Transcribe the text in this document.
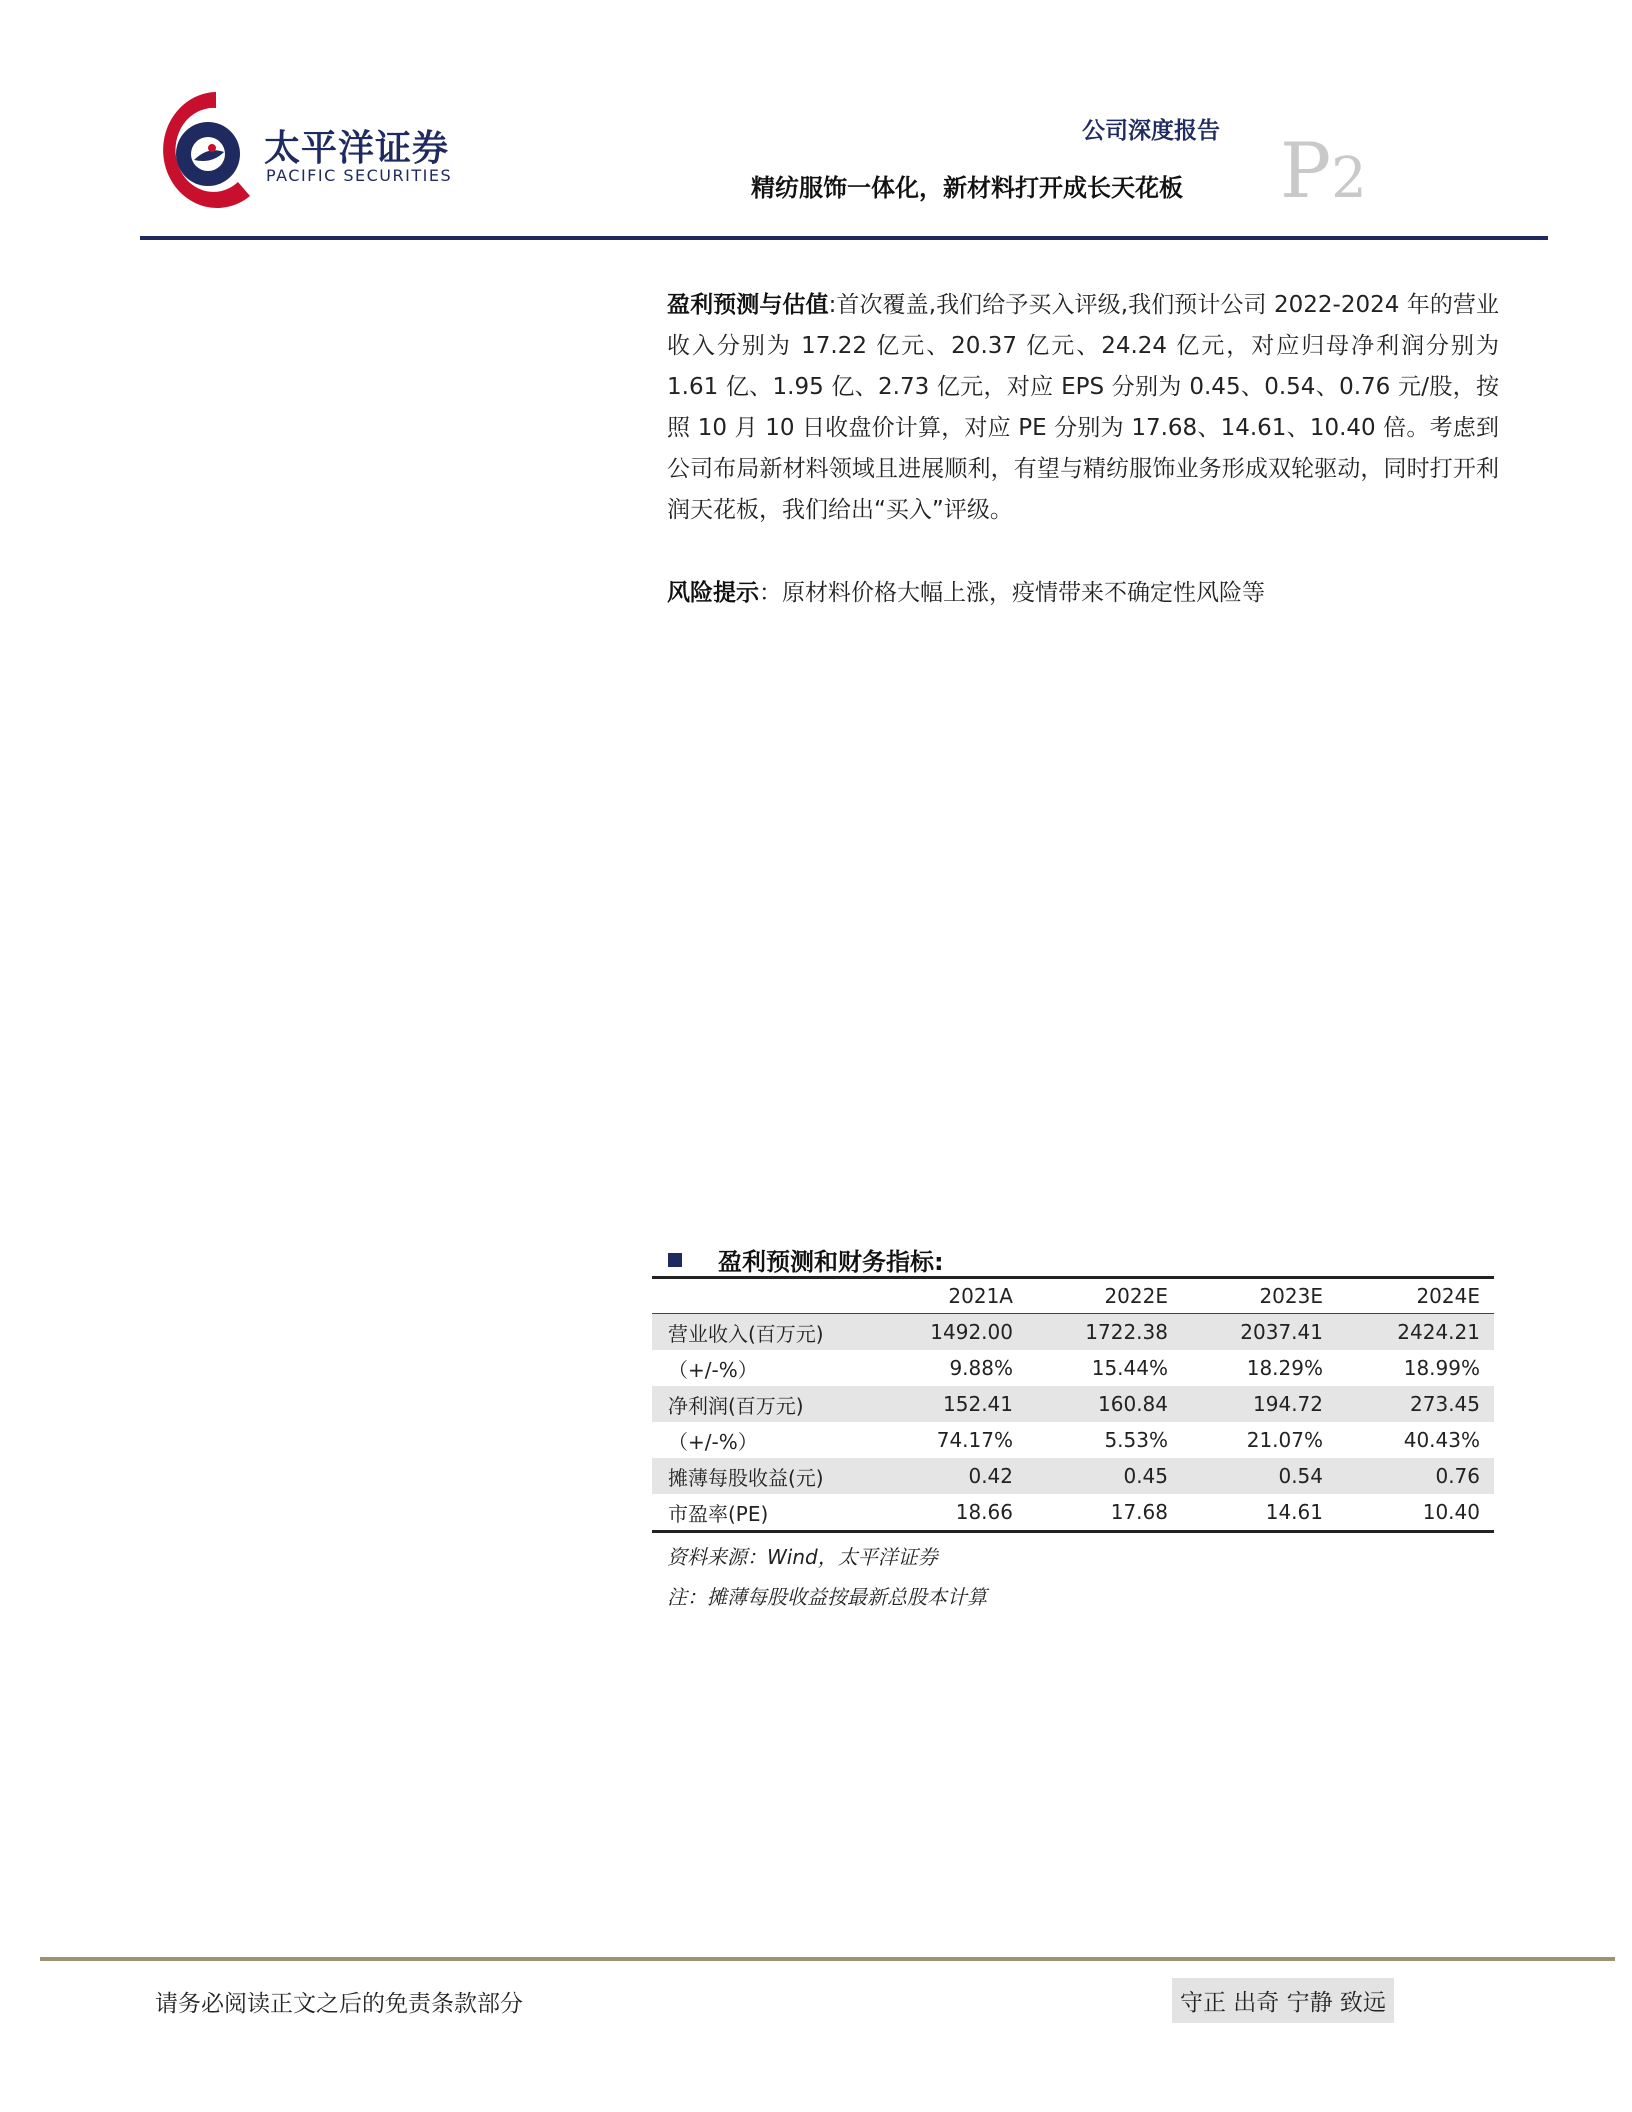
太平洋证券
PACIFIC SECURITIES
公司深度报告
精纺服饰一体化，新材料打开成长天花板 P2
盈利预测与估值:首次覆盖,我们给予买入评级,我们预计公司 2022-2024 年的营业收入分别为 17.22 亿元、20.37 亿元、24.24 亿元，对应归母净利润分别为 1.61 亿、1.95 亿、2.73 亿元，对应 EPS 分别为 0.45、0.54、0.76 元/股，按照 10 月 10 日收盘价计算，对应 PE 分别为 17.68、14.61、10.40 倍。考虑到公司布局新材料领域且进展顺利，有望与精纺服饰业务形成双轮驱动，同时打开利润天花板，我们给出“买入”评级。
风险提示：原材料价格大幅上涨，疫情带来不确定性风险等
盈利预测和财务指标:
	2021A	2022E	2023E	2024E
营业收入(百万元)	1492.00	1722.38	2037.41	2424.21
（+/-%）	9.88%	15.44%	18.29%	18.99%
净利润(百万元)	152.41	160.84	194.72	273.45
（+/-%）	74.17%	5.53%	21.07%	40.43%
摊薄每股收益(元)	0.42	0.45	0.54	0.76
市盈率(PE)	18.66	17.68	14.61	10.40
资料来源：Wind，太平洋证券
注：摊薄每股收益按最新总股本计算
请务必阅读正文之后的免责条款部分	守正 出奇 宁静 致远
